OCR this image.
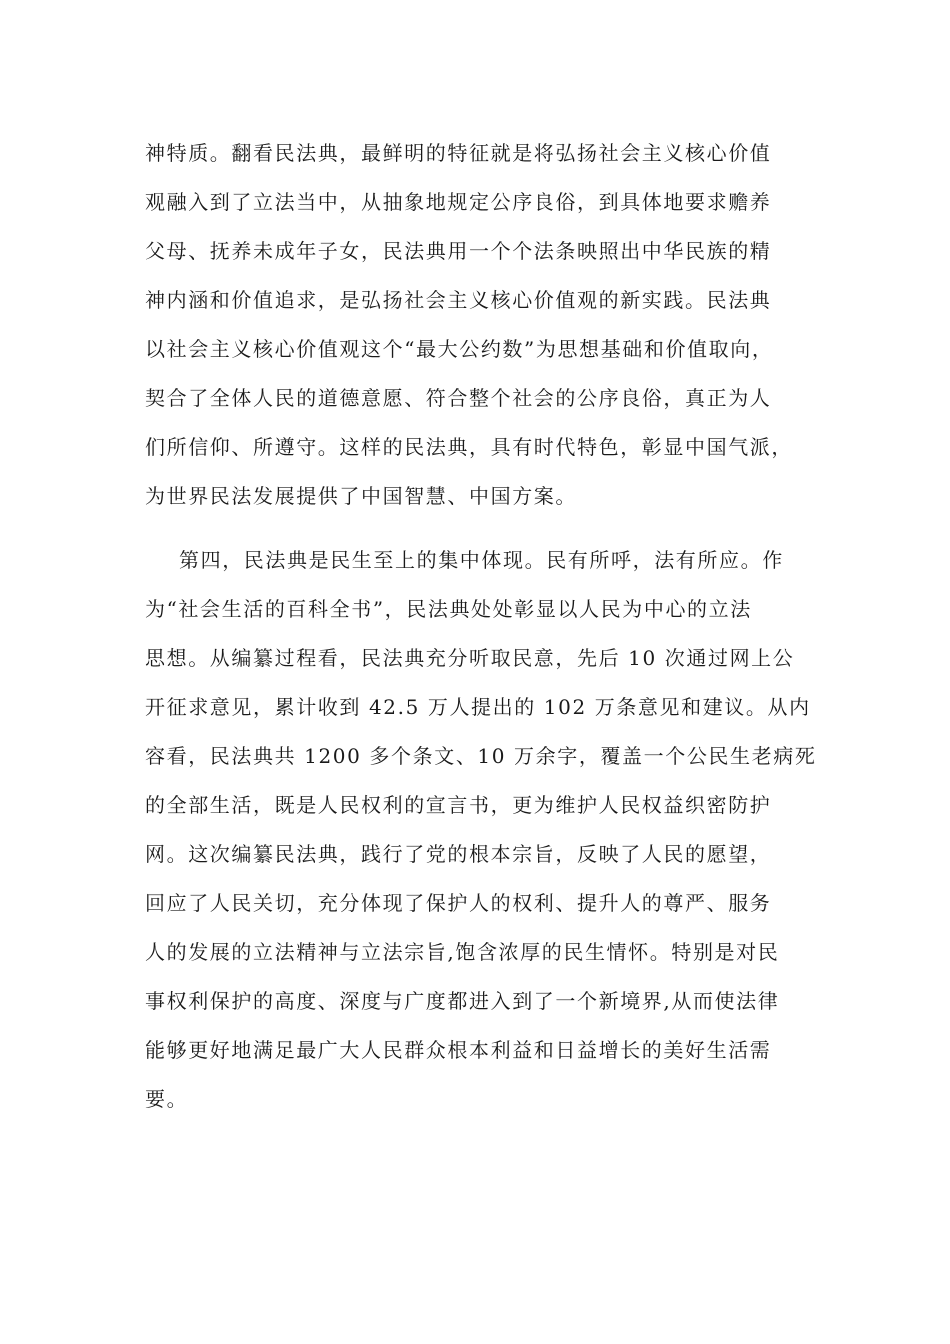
神特质。翻看民法典，最鲜明的特征就是将弘扬社会主义核心价值
观融入到了立法当中，从抽象地规定公序良俗，到具体地要求赡养
父母、抚养未成年子女，民法典用一个个法条映照出中华民族的精
神内涵和价值追求，是弘扬社会主义核心价值观的新实践。民法典
以社会主义核心价值观这个“最大公约数”为思想基础和价值取向，
契合了全体人民的道德意愿、符合整个社会的公序良俗，真正为人
们所信仰、所遵守。这样的民法典，具有时代特色，彰显中国气派，
为世界民法发展提供了中国智慧、中国方案。
第四，民法典是民生至上的集中体现。民有所呼，法有所应。作
为“社会生活的百科全书”，民法典处处彰显以人民为中心的立法
思想。从编纂过程看，民法典充分听取民意，先后 10 次通过网上公
开征求意见，累计收到 42.5 万人提出的 102 万条意见和建议。从内
容看，民法典共 1200 多个条文、10 万余字，覆盖一个公民生老病死
的全部生活，既是人民权利的宣言书，更为维护人民权益织密防护
网。这次编纂民法典，践行了党的根本宗旨，反映了人民的愿望，
回应了人民关切，充分体现了保护人的权利、提升人的尊严、服务
人的发展的立法精神与立法宗旨,饱含浓厚的民生情怀。特别是对民
事权利保护的高度、深度与广度都进入到了一个新境界,从而使法律
能够更好地满足最广大人民群众根本利益和日益增长的美好生活需
要。
